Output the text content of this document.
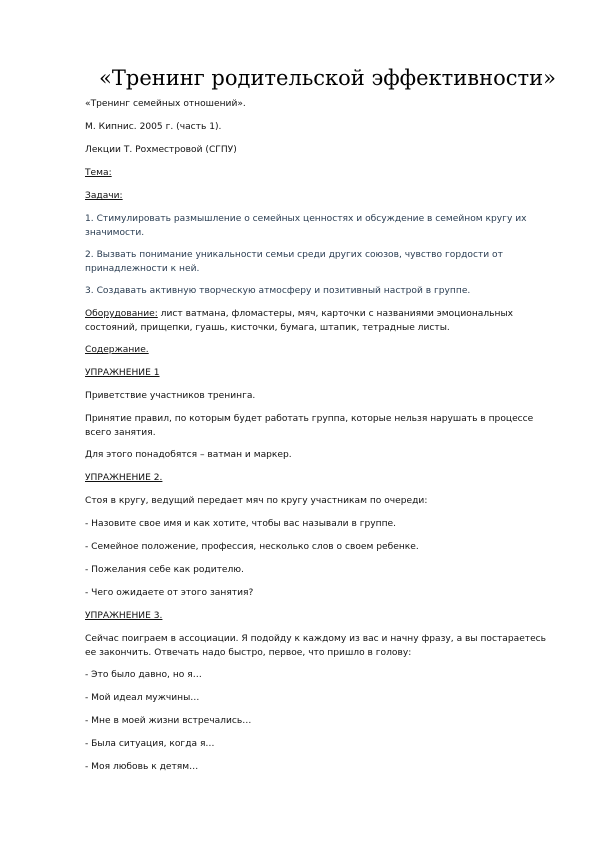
«Тренинг родительской эффективности»

«Тренинг семейных отношений».

М. Кипнис. 2005 г. (часть 1).

Лекции Т. Рохместровой (СГПУ)

Тема:

Задачи:

1. Стимулировать размышление о семейных ценностях и обсуждение в семейном кругу их значимости.

2. Вызвать понимание уникальности семьи среди других союзов, чувство гордости от принадлежности к ней.

3. Создавать активную творческую атмосферу и позитивный настрой в группе.

Оборудование: лист ватмана, фломастеры, мяч, карточки с названиями эмоциональных состояний, прищепки, гуашь, кисточки, бумага, штапик, тетрадные листы.

Содержание.

УПРАЖНЕНИЕ 1

Приветствие участников тренинга.

Принятие правил, по которым будет работать группа, которые нельзя нарушать в процессе всего занятия.

Для этого понадобятся – ватман и маркер.

УПРАЖНЕНИЕ 2.

Стоя в кругу, ведущий передает мяч по кругу участникам по очереди:

- Назовите свое имя и как хотите, чтобы вас называли в группе.

- Семейное положение, профессия, несколько слов о своем ребенке.

- Пожелания себе как родителю.

- Чего ожидаете от этого занятия?

УПРАЖНЕНИЕ 3.

Сейчас поиграем в ассоциации. Я подойду к каждому из вас и начну фразу, а вы постараетесь ее закончить. Отвечать надо быстро, первое, что пришло в голову:

- Это было давно, но я…

- Мой идеал мужчины…

- Мне в моей жизни встречались…

- Была ситуация, когда я…

- Моя любовь к детям…
